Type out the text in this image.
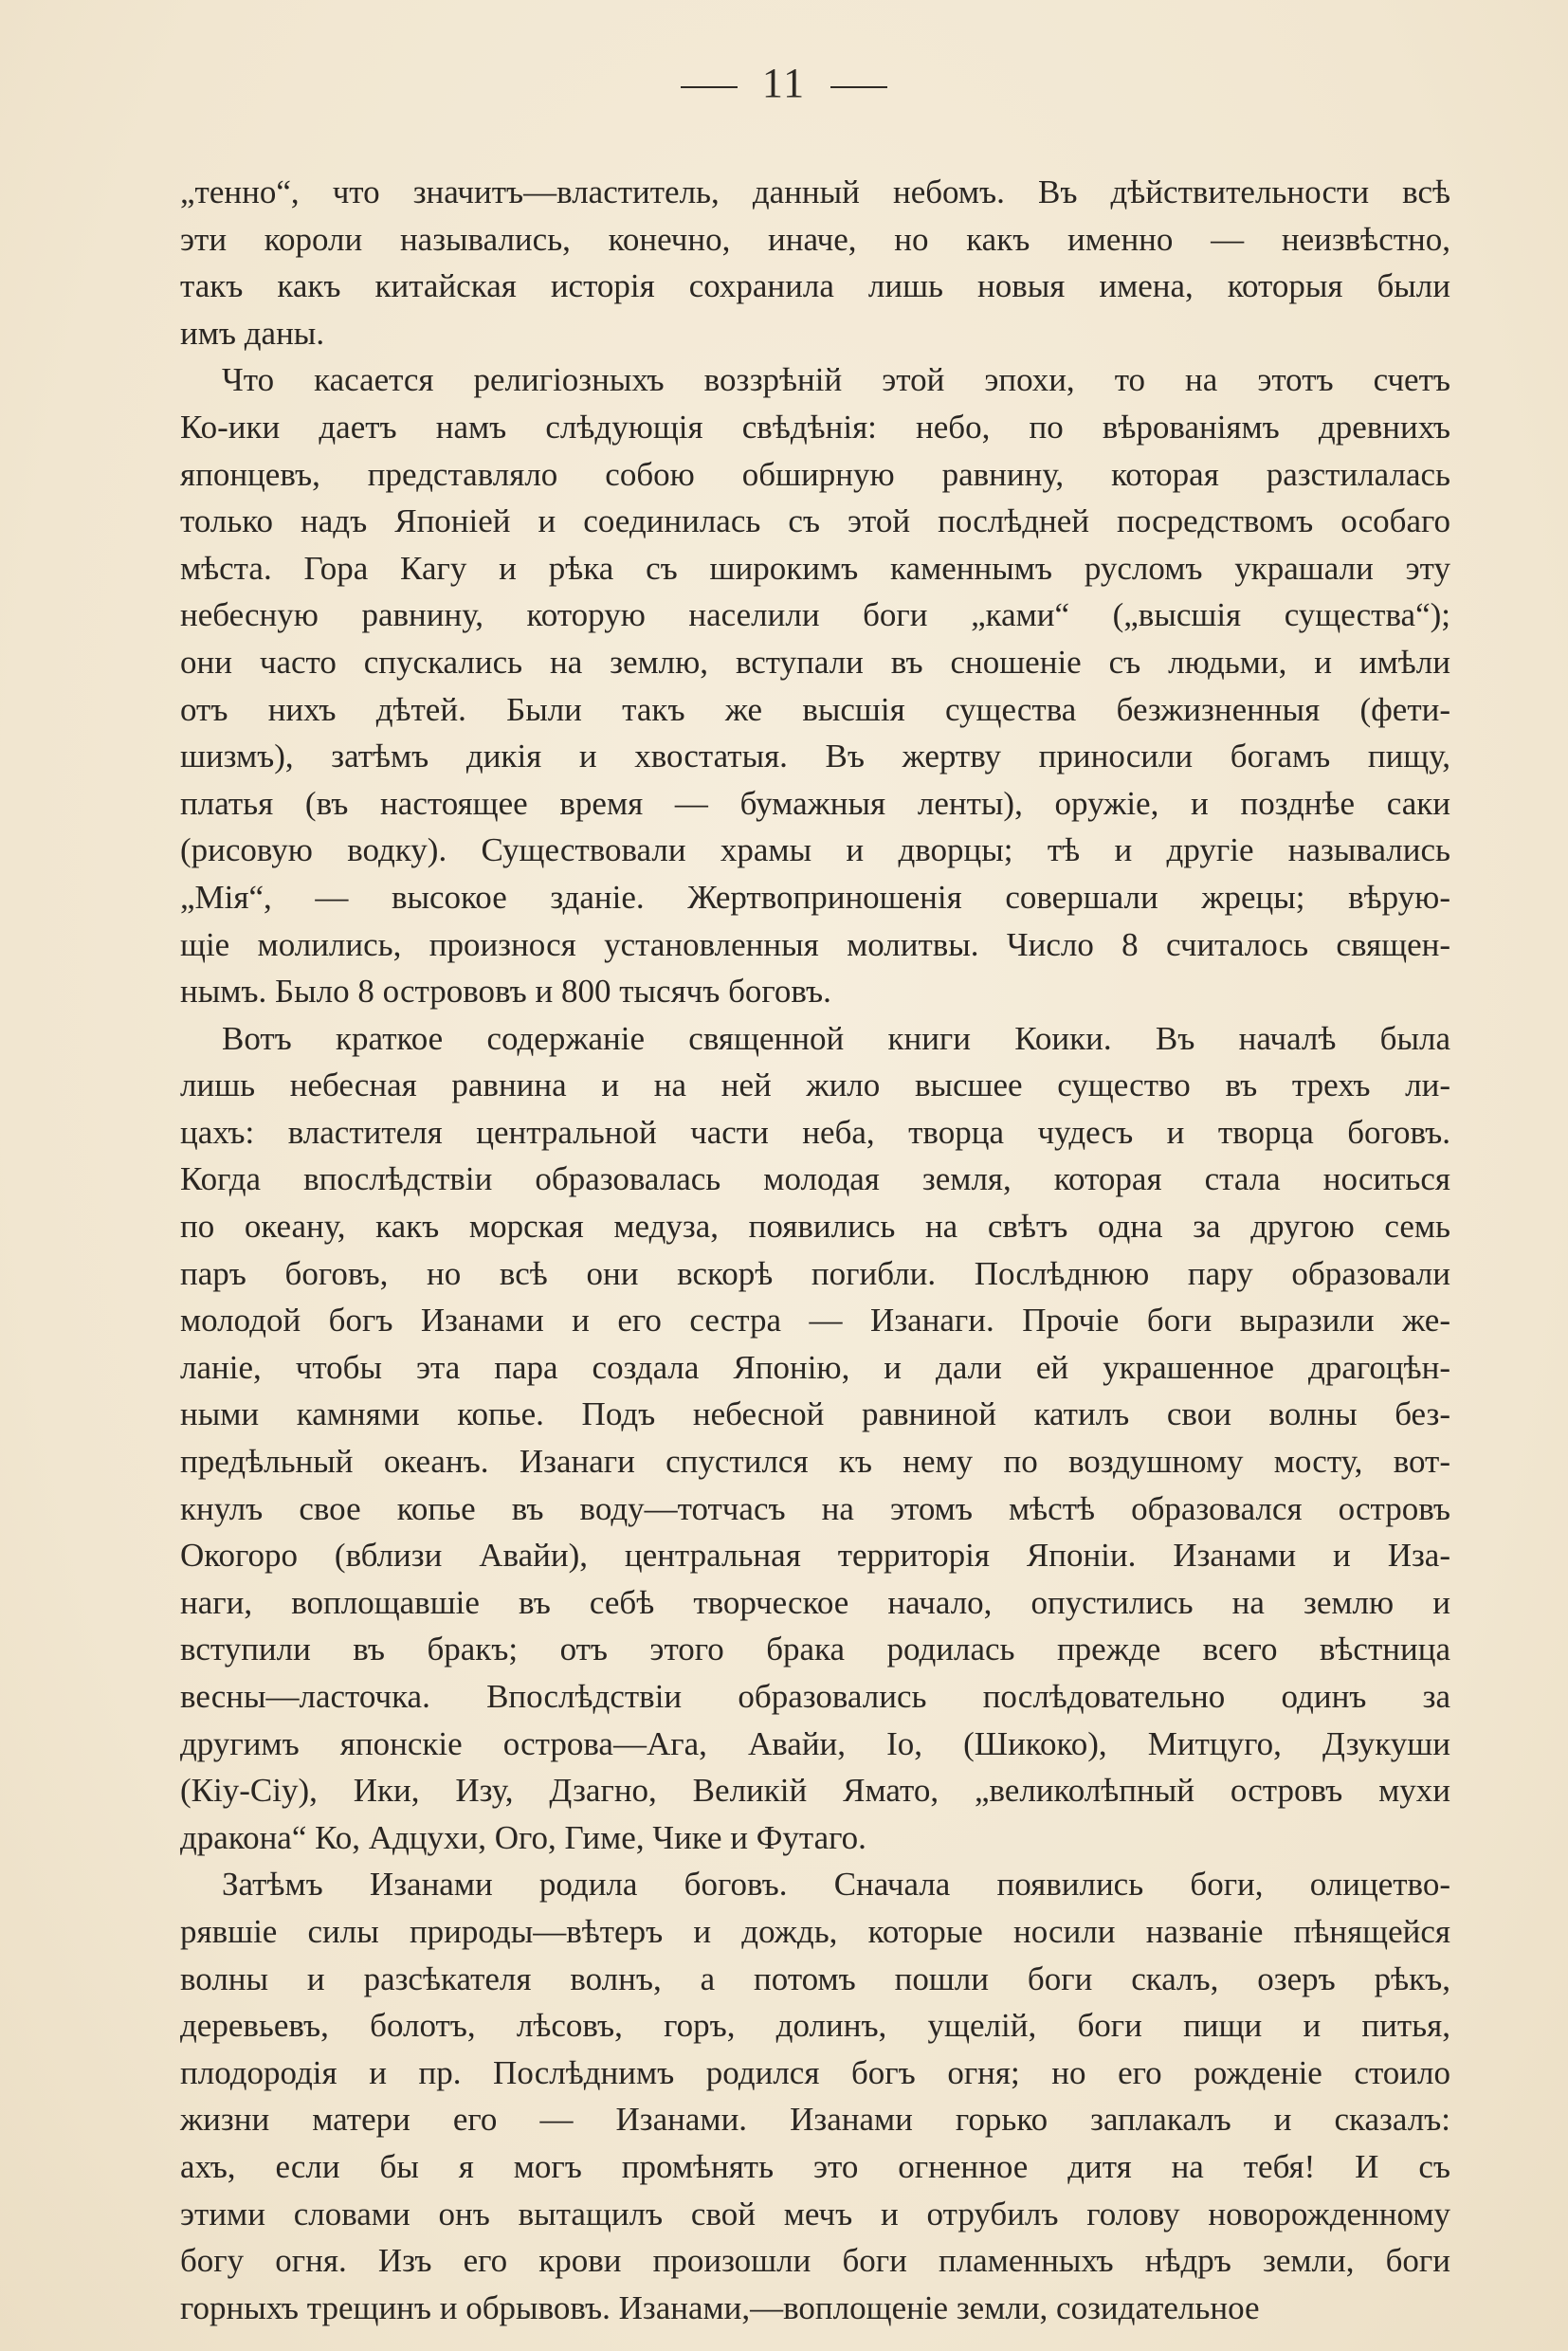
11
„тенно“, что значитъ—властитель, данный небомъ. Въ дѣйствительности всѣ
эти короли назывались, конечно, иначе, но какъ именно — неизвѣстно,
такъ какъ китайская исторія сохранила лишь новыя имена, которыя были
имъ даны.
Что касается религіозныхъ воззрѣній этой эпохи, то на этотъ счетъ
Ко-ики даетъ намъ слѣдующія свѣдѣнія: небо, по вѣрованіямъ древнихъ
японцевъ, представляло собою обширную равнину, которая разстилалась
только надъ Японіей и соединилась съ этой послѣдней посредствомъ особаго
мѣста. Гора Кагу и рѣка съ широкимъ каменнымъ русломъ украшали эту
небесную равнину, которую населили боги „ками“ („высшія существа“);
они часто спускались на землю, вступали въ сношеніе съ людьми, и имѣли
отъ нихъ дѣтей. Были такъ же высшія существа безжизненныя (фети-
шизмъ), затѣмъ дикія и хвостатыя. Въ жертву приносили богамъ пищу,
платья (въ настоящее время — бумажныя ленты), оружіе, и позднѣе саки
(рисовую водку). Существовали храмы и дворцы; тѣ и другіе назывались
„Мія“, — высокое зданіе. Жертвоприношенія совершали жрецы; вѣрую-
щіе молились, произнося установленныя молитвы. Число 8 считалось священ-
нымъ. Было 8 острововъ и 800 тысячъ боговъ.
Вотъ краткое содержаніе священной книги Коики. Въ началѣ была
лишь небесная равнина и на ней жило высшее существо въ трехъ ли-
цахъ: властителя центральной части неба, творца чудесъ и творца боговъ.
Когда впослѣдствіи образовалась молодая земля, которая стала носиться
по океану, какъ морская медуза, появились на свѣтъ одна за другою семь
паръ боговъ, но всѣ они вскорѣ погибли. Послѣднюю пару образовали
молодой богъ Изанами и его сестра — Изанаги. Прочіе боги выразили же-
ланіе, чтобы эта пара создала Японію, и дали ей украшенное драгоцѣн-
ными камнями копье. Подъ небесной равниной катилъ свои волны без-
предѣльный океанъ. Изанаги спустился къ нему по воздушному мосту, вот-
кнулъ свое копье въ воду—тотчасъ на этомъ мѣстѣ образовался островъ
Окогоро (вблизи Авайи), центральная территорія Японіи. Изанами и Иза-
наги, воплощавшіе въ себѣ творческое начало, опустились на землю и
вступили въ бракъ; отъ этого брака родилась прежде всего вѣстница
весны—ласточка. Впослѣдствіи образовались послѣдовательно одинъ за
другимъ японскіе острова—Ага, Авайи, Іо, (Шикоко), Митцуго, Дзукуши
(Кіу-Сіу), Ики, Изу, Дзагно, Великій Ямато, „великолѣпный островъ мухи
дракона“ Ко, Адцухи, Ого, Гиме, Чике и Футаго.
Затѣмъ Изанами родила боговъ. Сначала появились боги, олицетво-
рявшіе силы природы—вѣтеръ и дождь, которые носили названіе пѣнящейся
волны и разсѣкателя волнъ, а потомъ пошли боги скалъ, озеръ рѣкъ,
деревьевъ, болотъ, лѣсовъ, горъ, долинъ, ущелій, боги пищи и питья,
плодородія и пр. Послѣднимъ родился богъ огня; но его рожденіе стоило
жизни матери его — Изанами. Изанами горько заплакалъ и сказалъ:
ахъ, если бы я могъ промѣнять это огненное дитя на тебя! И съ
этими словами онъ вытащилъ свой мечъ и отрубилъ голову новорожденному
богу огня. Изъ его крови произошли боги пламенныхъ нѣдръ земли, боги
горныхъ трещинъ и обрывовъ. Изанами,—воплощеніе земли, созидательное
